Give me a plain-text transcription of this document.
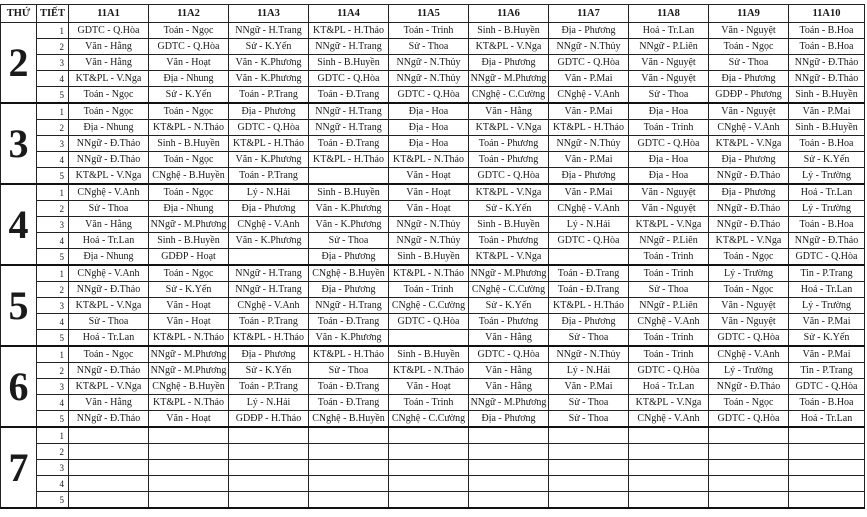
THỨ	TIẾT	11A1	11A2	11A3	11A4	11A5	11A6	11A7	11A8	11A9	11A10
2	1	GDTC - Q.Hòa	Toán - Ngọc	NNgữ - H.Trang	KT&PL - H.Thảo	Toán - Trinh	Sinh - B.Huyền	Địa - Phương	Hoá - Tr.Lan	Văn - Nguyệt	Toán - B.Hoa
	2	Văn - Hằng	GDTC - Q.Hòa	Sử - K.Yến	NNgữ - H.Trang	Sử - Thoa	KT&PL - V.Nga	NNgữ - N.Thủy	NNgữ - P.Liên	Toán - Ngọc	Toán - B.Hoa
	3	Văn - Hằng	Văn - Hoạt	Văn - K.Phương	Sinh - B.Huyền	NNgữ - N.Thủy	Địa - Phương	GDTC - Q.Hòa	Văn - Nguyệt	Sử - Thoa	NNgữ - Đ.Thảo
	4	KT&PL - V.Nga	Địa - Nhung	Văn - K.Phương	GDTC - Q.Hòa	NNgữ - N.Thủy	NNgữ - M.Phương	Văn - P.Mai	Văn - Nguyệt	Địa - Phương	NNgữ - Đ.Thảo
	5	Toán - Ngọc	Sử - K.Yến	Toán - P.Trang	Toán - Đ.Trang	GDTC - Q.Hòa	CNghệ - C.Cường	CNghệ - V.Anh	Sử - Thoa	GDĐP - Phương	Sinh - B.Huyền
3	1	Toán - Ngọc	Toán - Ngọc	Địa - Phương	NNgữ - H.Trang	Địa - Hoa	Văn - Hằng	Văn - P.Mai	Địa - Hoa	Văn - Nguyệt	Văn - P.Mai
	2	Địa - Nhung	KT&PL - N.Thảo	GDTC - Q.Hòa	NNgữ - H.Trang	Địa - Hoa	KT&PL - V.Nga	KT&PL - H.Thảo	Toán - Trinh	CNghệ - V.Anh	Sinh - B.Huyền
	3	NNgữ - Đ.Thảo	Sinh - B.Huyền	KT&PL - H.Thảo	Toán - Đ.Trang	Địa - Hoa	Toán - Phương	NNgữ - N.Thủy	GDTC - Q.Hòa	KT&PL - V.Nga	Toán - B.Hoa
	4	NNgữ - Đ.Thảo	Toán - Ngọc	Văn - K.Phương	KT&PL - H.Thảo	KT&PL - N.Thảo	Toán - Phương	Văn - P.Mai	Địa - Hoa	Địa - Phương	Sử - K.Yến
	5	KT&PL - V.Nga	CNghệ - B.Huyền	Toán - P.Trang		Văn - Hoạt	GDTC - Q.Hòa	Địa - Phương	Địa - Hoa	NNgữ - Đ.Thảo	Lý - Trường
4	1	CNghệ - V.Anh	Toán - Ngọc	Lý - N.Hải	Sinh - B.Huyền	Văn - Hoạt	KT&PL - V.Nga	Văn - P.Mai	Văn - Nguyệt	Địa - Phương	Hoá - Tr.Lan
	2	Sử - Thoa	Địa - Nhung	Địa - Phương	Văn - K.Phương	Văn - Hoạt	Sử - K.Yến	CNghệ - V.Anh	Văn - Nguyệt	NNgữ - Đ.Thảo	Lý - Trường
	3	Văn - Hằng	NNgữ - M.Phương	CNghệ - V.Anh	Văn - K.Phương	NNgữ - N.Thủy	Sinh - B.Huyền	Lý - N.Hải	KT&PL - V.Nga	NNgữ - Đ.Thảo	Toán - B.Hoa
	4	Hoá - Tr.Lan	Sinh - B.Huyền	Văn - K.Phương	Sử - Thoa	NNgữ - N.Thủy	Toán - Phương	GDTC - Q.Hòa	NNgữ - P.Liên	KT&PL - V.Nga	NNgữ - Đ.Thảo
	5	Địa - Nhung	GDĐP - Hoạt		Địa - Phương	Sinh - B.Huyền	KT&PL - V.Nga		Toán - Trinh	Toán - Ngọc	GDTC - Q.Hòa
5	1	CNghệ - V.Anh	Toán - Ngọc	NNgữ - H.Trang	CNghệ - B.Huyền	KT&PL - N.Thảo	NNgữ - M.Phương	Toán - Đ.Trang	Toán - Trinh	Lý - Trường	Tin - P.Trang
	2	NNgữ - Đ.Thảo	Sử - K.Yến	NNgữ - H.Trang	Địa - Phương	Toán - Trinh	CNghệ - C.Cường	Toán - Đ.Trang	Sử - Thoa	Toán - Ngọc	Hoá - Tr.Lan
	3	KT&PL - V.Nga	Văn - Hoạt	CNghệ - V.Anh	NNgữ - H.Trang	CNghệ - C.Cường	Sử - K.Yến	KT&PL - H.Thảo	NNgữ - P.Liên	Văn - Nguyệt	Lý - Trường
	4	Sử - Thoa	Văn - Hoạt	Toán - P.Trang	Toán - Đ.Trang	GDTC - Q.Hòa	Toán - Phương	Địa - Phương	CNghệ - V.Anh	Văn - Nguyệt	Văn - P.Mai
	5	Hoá - Tr.Lan	KT&PL - N.Thảo	KT&PL - H.Thảo	Văn - K.Phương		Văn - Hằng	Sử - Thoa	Toán - Trinh	GDTC - Q.Hòa	Sử - K.Yến
6	1	Toán - Ngọc	NNgữ - M.Phương	Địa - Phương	KT&PL - H.Thảo	Sinh - B.Huyền	GDTC - Q.Hòa	NNgữ - N.Thủy	Toán - Trinh	CNghệ - V.Anh	Văn - P.Mai
	2	NNgữ - Đ.Thảo	NNgữ - M.Phương	Sử - K.Yến	Sử - Thoa	KT&PL - N.Thảo	Văn - Hằng	Lý - N.Hải	GDTC - Q.Hòa	Lý - Trường	Tin - P.Trang
	3	KT&PL - V.Nga	CNghệ - B.Huyền	Toán - P.Trang	Toán - Đ.Trang	Văn - Hoạt	Văn - Hằng	Văn - P.Mai	Hoá - Tr.Lan	NNgữ - Đ.Thảo	GDTC - Q.Hòa
	4	Văn - Hằng	KT&PL - N.Thảo	Lý - N.Hải	Toán - Đ.Trang	Toán - Trinh	NNgữ - M.Phương	Sử - Thoa	KT&PL - V.Nga	Toán - Ngọc	Toán - B.Hoa
	5	NNgữ - Đ.Thảo	Văn - Hoạt	GDĐP - H.Thảo	CNghệ - B.Huyền	CNghệ - C.Cường	Địa - Phương	Sử - Thoa	CNghệ - V.Anh	GDTC - Q.Hòa	Hoá - Tr.Lan
7	1										
	2										
	3										
	4										
	5										
